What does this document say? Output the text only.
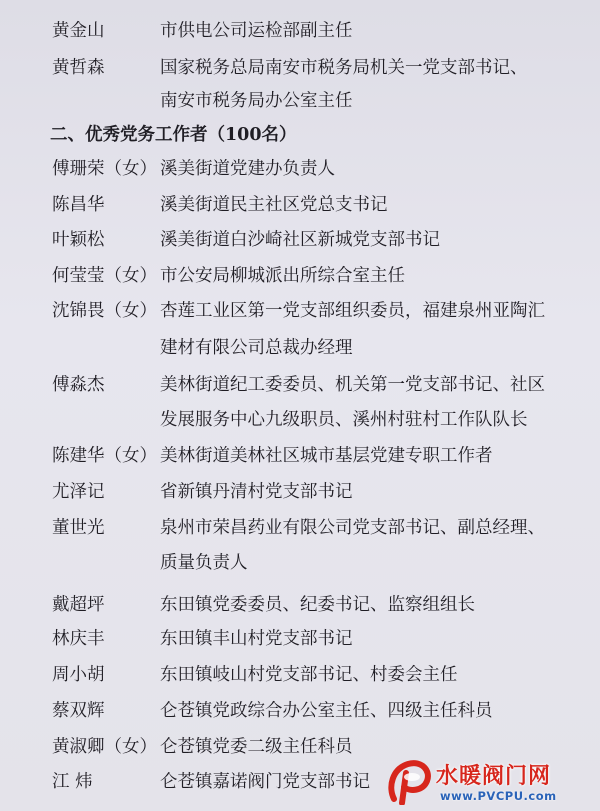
黄金山	市供电公司运检部副主任
黄哲森	国家税务总局南安市税务局机关一党支部书记、
南安市税务局办公室主任
二、优秀党务工作者（100名）
傅珊荣（女） 溪美街道党建办负责人
陈昌华	溪美街道民主社区党总支书记
叶颖松	溪美街道白沙崎社区新城党支部书记
何莹莹（女） 市公安局柳城派出所综合室主任
沈锦畏（女） 杏莲工业区第一党支部组织委员，福建泉州亚陶汇
建材有限公司总裁办经理
傅淼杰	美林街道纪工委委员、机关第一党支部书记、社区
发展服务中心九级职员、溪州村驻村工作队队长
陈建华（女） 美林街道美林社区城市基层党建专职工作者
尤泽记	省新镇丹清村党支部书记
董世光	泉州市荣昌药业有限公司党支部书记、副总经理、
质量负责人
戴超坪	东田镇党委委员、纪委书记、监察组组长
林庆丰	东田镇丰山村党支部书记
周小胡	东田镇岐山村党支部书记、村委会主任
蔡双辉	仑苍镇党政综合办公室主任、四级主任科员
黄淑卿（女） 仑苍镇党委二级主任科员
江 炜	仑苍镇嘉诺阀门党支部书记	水暖阀门网
www.PVCPU.com
